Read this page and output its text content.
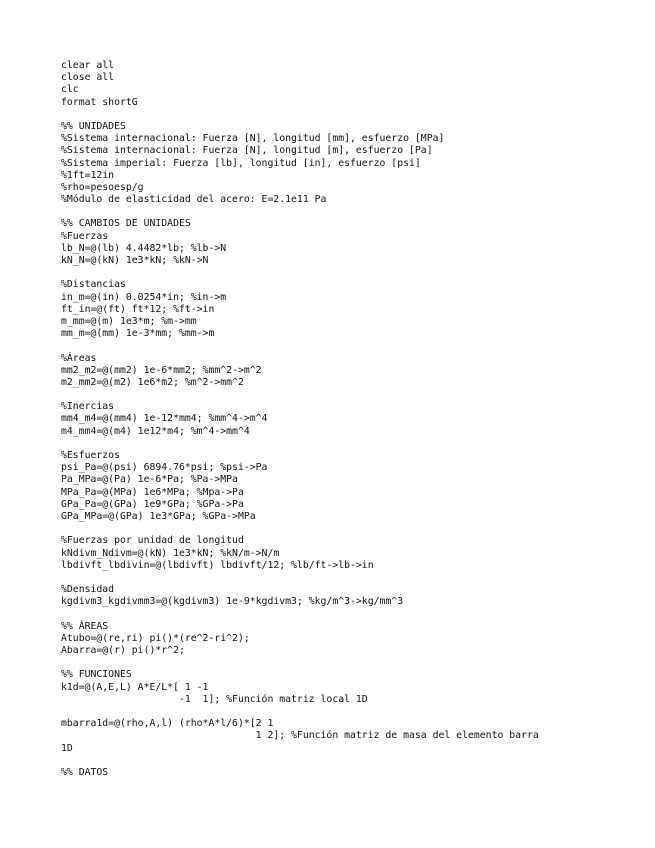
clear all
close all
clc
format shortG

%% UNIDADES
%Sistema internacional: Fuerza [N], longitud [mm], esfuerzo [MPa]
%Sistema internacional: Fuerza [N], longitud [m], esfuerzo [Pa]
%Sistema imperial: Fuerza [lb], longitud [in], esfuerzo [psi]
%1ft=12in
%rho=pesoesp/g
%Módulo de elasticidad del acero: E=2.1e11 Pa

%% CAMBIOS DE UNIDADES
%Fuerzas
lb_N=@(lb) 4.4482*lb; %lb->N
kN_N=@(kN) 1e3*kN; %kN->N

%Distancias
in_m=@(in) 0.0254*in; %in->m
ft_in=@(ft) ft*12; %ft->in
m_mm=@(m) 1e3*m; %m->mm
mm_m=@(mm) 1e-3*mm; %mm->m

%Áreas
mm2_m2=@(mm2) 1e-6*mm2; %mm^2->m^2
m2_mm2=@(m2) 1e6*m2; %m^2->mm^2

%Inercias
mm4_m4=@(mm4) 1e-12*mm4; %mm^4->m^4
m4_mm4=@(m4) 1e12*m4; %m^4->mm^4

%Esfuerzos
psi_Pa=@(psi) 6894.76*psi; %psi->Pa
Pa_MPa=@(Pa) 1e-6*Pa; %Pa->MPa
MPa_Pa=@(MPa) 1e6*MPa; %Mpa->Pa
GPa_Pa=@(GPa) 1e9*GPa; %GPa->Pa
GPa_MPa=@(GPa) 1e3*GPa; %GPa->MPa

%Fuerzas por unidad de longitud
kNdivm_Ndivm=@(kN) 1e3*kN; %kN/m->N/m
lbdivft_lbdivin=@(lbdivft) lbdivft/12; %lb/ft->lb->in

%Densidad
kgdivm3_kgdivmm3=@(kgdivm3) 1e-9*kgdivm3; %kg/m^3->kg/mm^3

%% ÁREAS
Atubo=@(re,ri) pi()*(re^2-ri^2);
Abarra=@(r) pi()*r^2;

%% FUNCIONES
k1d=@(A,E,L) A*E/L*[ 1 -1
-1  1]; %Función matriz local 1D

mbarra1d=@(rho,A,l) (rho*A*l/6)*[2 1
1 2]; %Función matriz de masa del elemento barra
1D

%% DATOS
